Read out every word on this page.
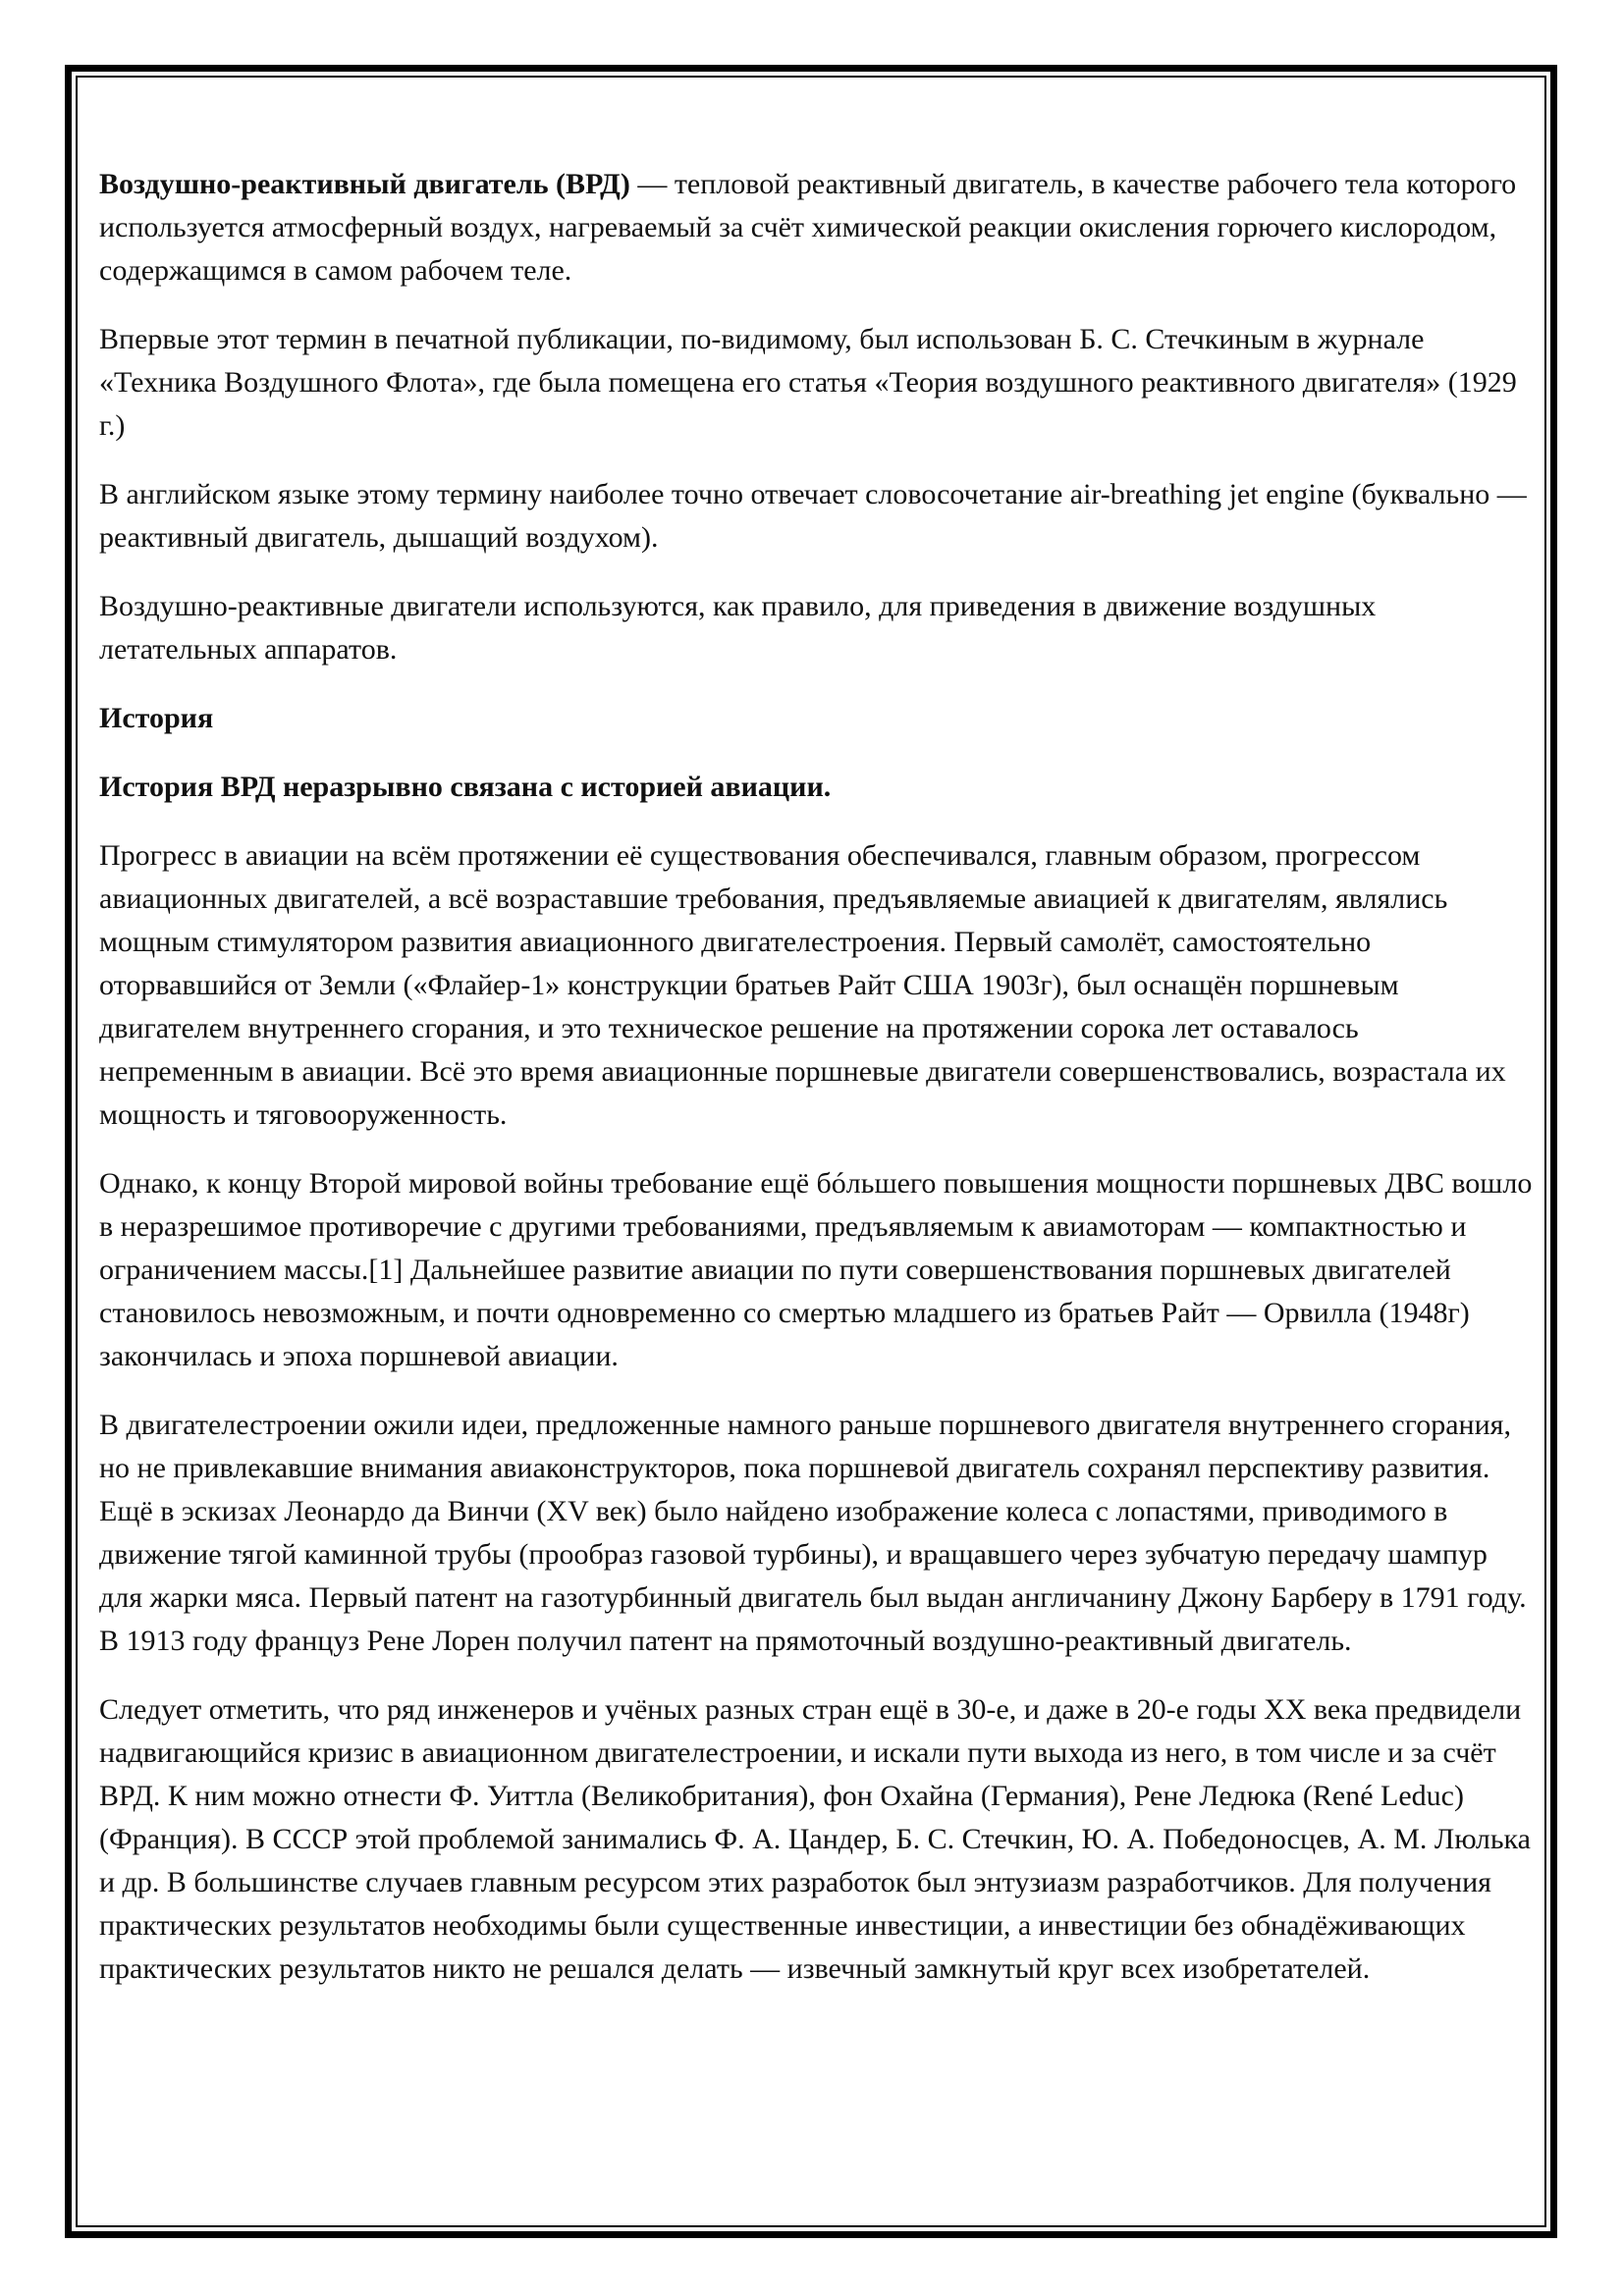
Воздушно-реактивный двигатель (ВРД) — тепловой реактивный двигатель, в качестве рабочего тела которого используется атмосферный воздух, нагреваемый за счёт химической реакции окисления горючего кислородом, содержащимся в самом рабочем теле.

Впервые этот термин в печатной публикации, по-видимому, был использован Б. С. Стечкиным в журнале «Техника Воздушного Флота», где была помещена его статья «Теория воздушного реактивного двигателя» (1929 г.)

В английском языке этому термину наиболее точно отвечает словосочетание air-breathing jet engine (буквально — реактивный двигатель, дышащий воздухом).

Воздушно-реактивные двигатели используются, как правило, для приведения в движение воздушных летательных аппаратов.

История

История ВРД неразрывно связана с историей авиации.

Прогресс в авиации на всём протяжении её существования обеспечивался, главным образом, прогрессом авиационных двигателей, а всё возраставшие требования, предъявляемые авиацией к двигателям, являлись мощным стимулятором развития авиационного двигателестроения. Первый самолёт, самостоятельно оторвавшийся от Земли («Флайер-1» конструкции братьев Райт США 1903г), был оснащён поршневым двигателем внутреннего сгорания, и это техническое решение на протяжении сорока лет оставалось непременным в авиации. Всё это время авиационные поршневые двигатели совершенствовались, возрастала их мощность и тяговооруженность.

Однако, к концу Второй мировой войны требование ещё бóльшего повышения мощности поршневых ДВС вошло в неразрешимое противоречие с другими требованиями, предъявляемым к авиамоторам — компактностью и ограничением массы.[1] Дальнейшее развитие авиации по пути совершенствования поршневых двигателей становилось невозможным, и почти одновременно со смертью младшего из братьев Райт — Орвилла (1948г) закончилась и эпоха поршневой авиации.

В двигателестроении ожили идеи, предложенные намного раньше поршневого двигателя внутреннего сгорания, но не привлекавшие внимания авиаконструкторов, пока поршневой двигатель сохранял перспективу развития. Ещё в эскизах Леонардо да Винчи (XV век) было найдено изображение колеса с лопастями, приводимого в движение тягой каминной трубы (прообраз газовой турбины), и вращавшего через зубчатую передачу шампур для жарки мяса. Первый патент на газотурбинный двигатель был выдан англичанину Джону Барберу в 1791 году. В 1913 году француз Рене Лорен получил патент на прямоточный воздушно-реактивный двигатель.

Следует отметить, что ряд инженеров и учёных разных стран ещё в 30-е, и даже в 20-е годы XX века предвидели надвигающийся кризис в авиационном двигателестроении, и искали пути выхода из него, в том числе и за счёт ВРД. К ним можно отнести Ф. Уиттла (Великобритания), фон Охайна (Германия), Рене Ледюка (René Leduc) (Франция). В СССР этой проблемой занимались Ф. А. Цандер, Б. С. Стечкин, Ю. А. Победоносцев, А. М. Люлька и др. В большинстве случаев главным ресурсом этих разработок был энтузиазм разработчиков. Для получения практических результатов необходимы были существенные инвестиции, а инвестиции без обнадёживающих практических результатов никто не решался делать — извечный замкнутый круг всех изобретателей.
